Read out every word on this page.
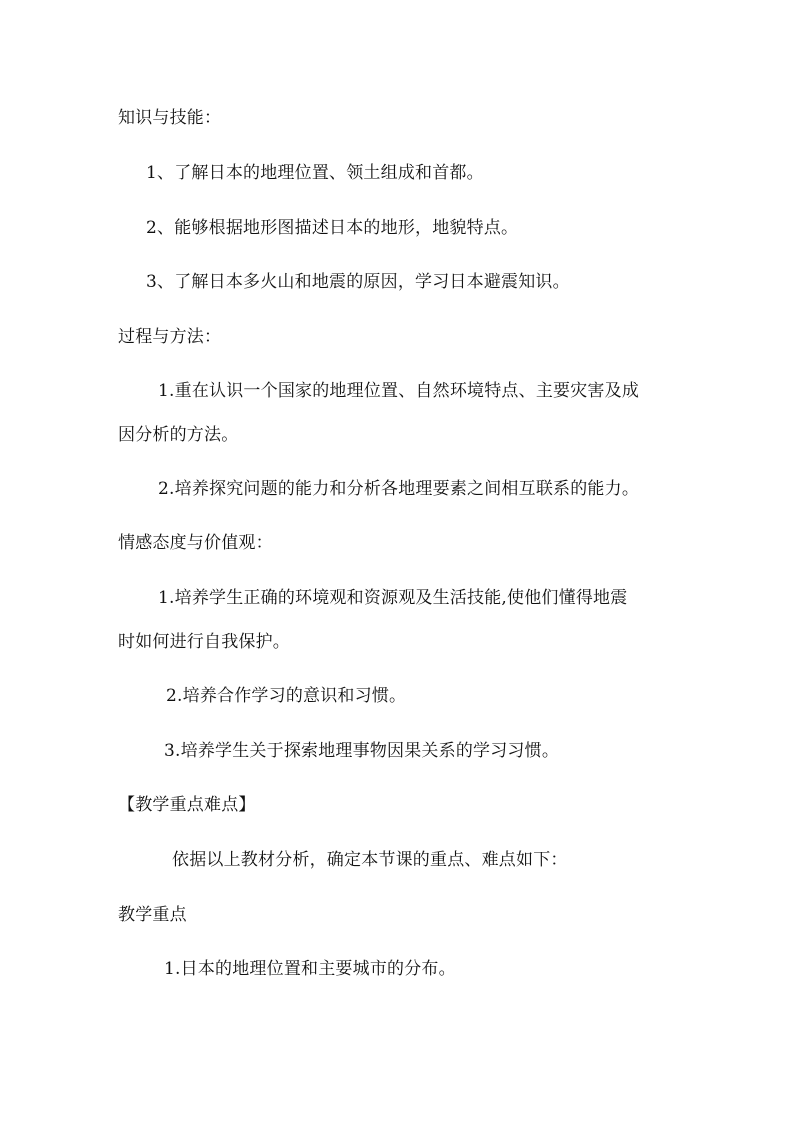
知识与技能：
1、了解日本的地理位置、领土组成和首都。
2、能够根据地形图描述日本的地形，地貌特点。
3、了解日本多火山和地震的原因，学习日本避震知识。
过程与方法：
1.重在认识一个国家的地理位置、自然环境特点、主要灾害及成
因分析的方法。
2.培养探究问题的能力和分析各地理要素之间相互联系的能力。
情感态度与价值观：
1.培养学生正确的环境观和资源观及生活技能,使他们懂得地震
时如何进行自我保护。
2.培养合作学习的意识和习惯。
3.培养学生关于探索地理事物因果关系的学习习惯。
【教学重点难点】
依据以上教材分析，确定本节课的重点、难点如下：
教学重点
1.日本的地理位置和主要城市的分布。
